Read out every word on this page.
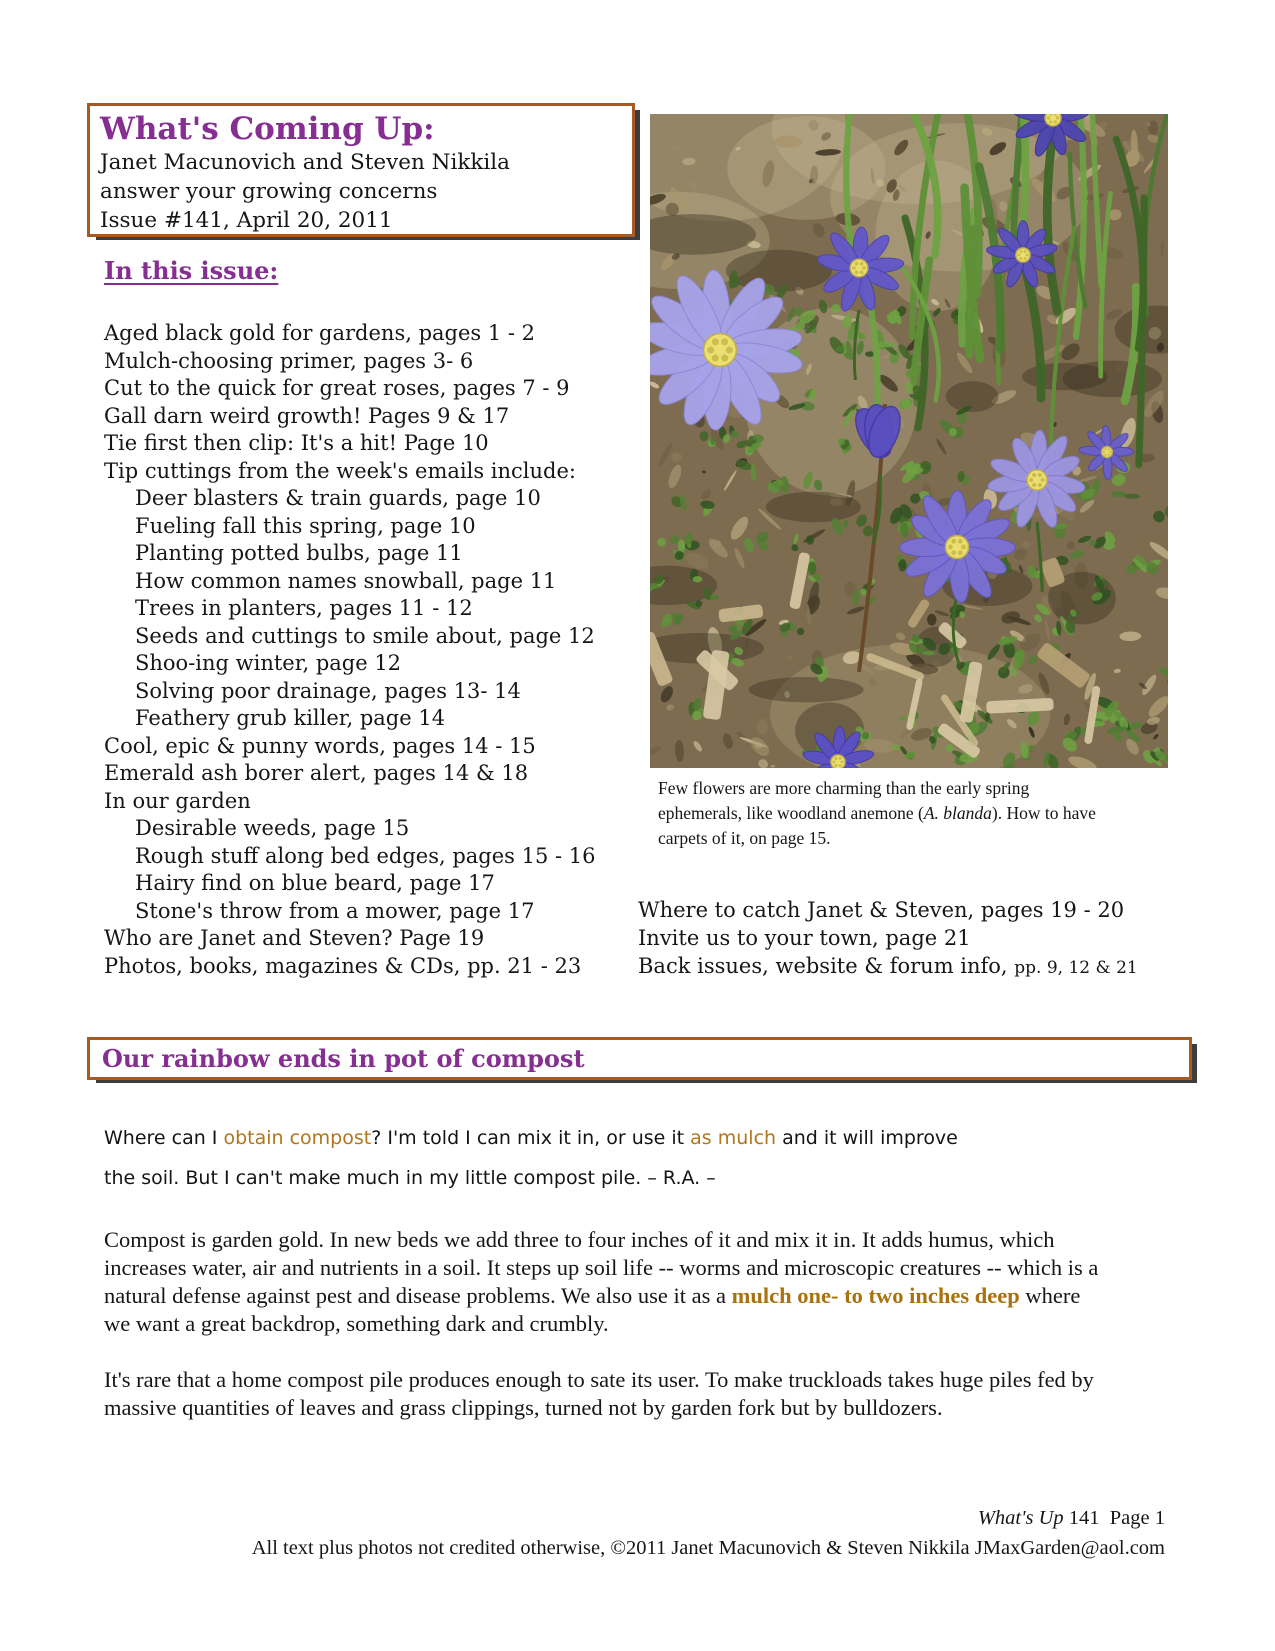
What's Coming Up:
Janet Macunovich and Steven Nikkila
answer your growing concerns
Issue #141, April 20, 2011
In this issue:
Aged black gold for gardens, pages 1 - 2
Mulch-choosing primer, pages 3- 6
Cut to the quick for great roses, pages 7 - 9
Gall darn weird growth! Pages 9 & 17
Tie first then clip: It's a hit! Page 10
Tip cuttings from the week's emails include:
Deer blasters & train guards, page 10
Fueling fall this spring, page 10
Planting potted bulbs, page 11
How common names snowball, page 11
Trees in planters, pages 11 - 12
Seeds and cuttings to smile about, page 12
Shoo-ing winter, page 12
Solving poor drainage, pages 13- 14
Feathery grub killer, page 14
Cool, epic & punny words, pages 14 - 15
Emerald ash borer alert, pages 14 & 18
In our garden
Desirable weeds, page 15
Rough stuff along bed edges, pages 15 - 16
Hairy find on blue beard, page 17
Stone's throw from a mower, page 17
Who are Janet and Steven? Page 19
Photos, books, magazines & CDs, pp. 21 - 23
Few flowers are more charming than the early spring ephemerals, like woodland anemone (A. blanda). How to have carpets of it, on page 15.
Where to catch Janet & Steven, pages 19 - 20
Invite us to your town, page 21
Back issues, website & forum info, pp. 9, 12 & 21
Our rainbow ends in pot of compost
Where can I obtain compost? I'm told I can mix it in, or use it as mulch and it will improve
the soil. But I can't make much in my little compost pile. – R.A. –

Compost is garden gold. In new beds we add three to four inches of it and mix it in. It adds humus, which increases water, air and nutrients in a soil. It steps up soil life -- worms and microscopic creatures -- which is a natural defense against pest and disease problems. We also use it as a mulch one- to two inches deep where we want a great backdrop, something dark and crumbly.

It's rare that a home compost pile produces enough to sate its user. To make truckloads takes huge piles fed by massive quantities of leaves and grass clippings, turned not by garden fork but by bulldozers.

What's Up 141  Page 1
All text plus photos not credited otherwise, ©2011 Janet Macunovich & Steven Nikkila JMaxGarden@aol.com
